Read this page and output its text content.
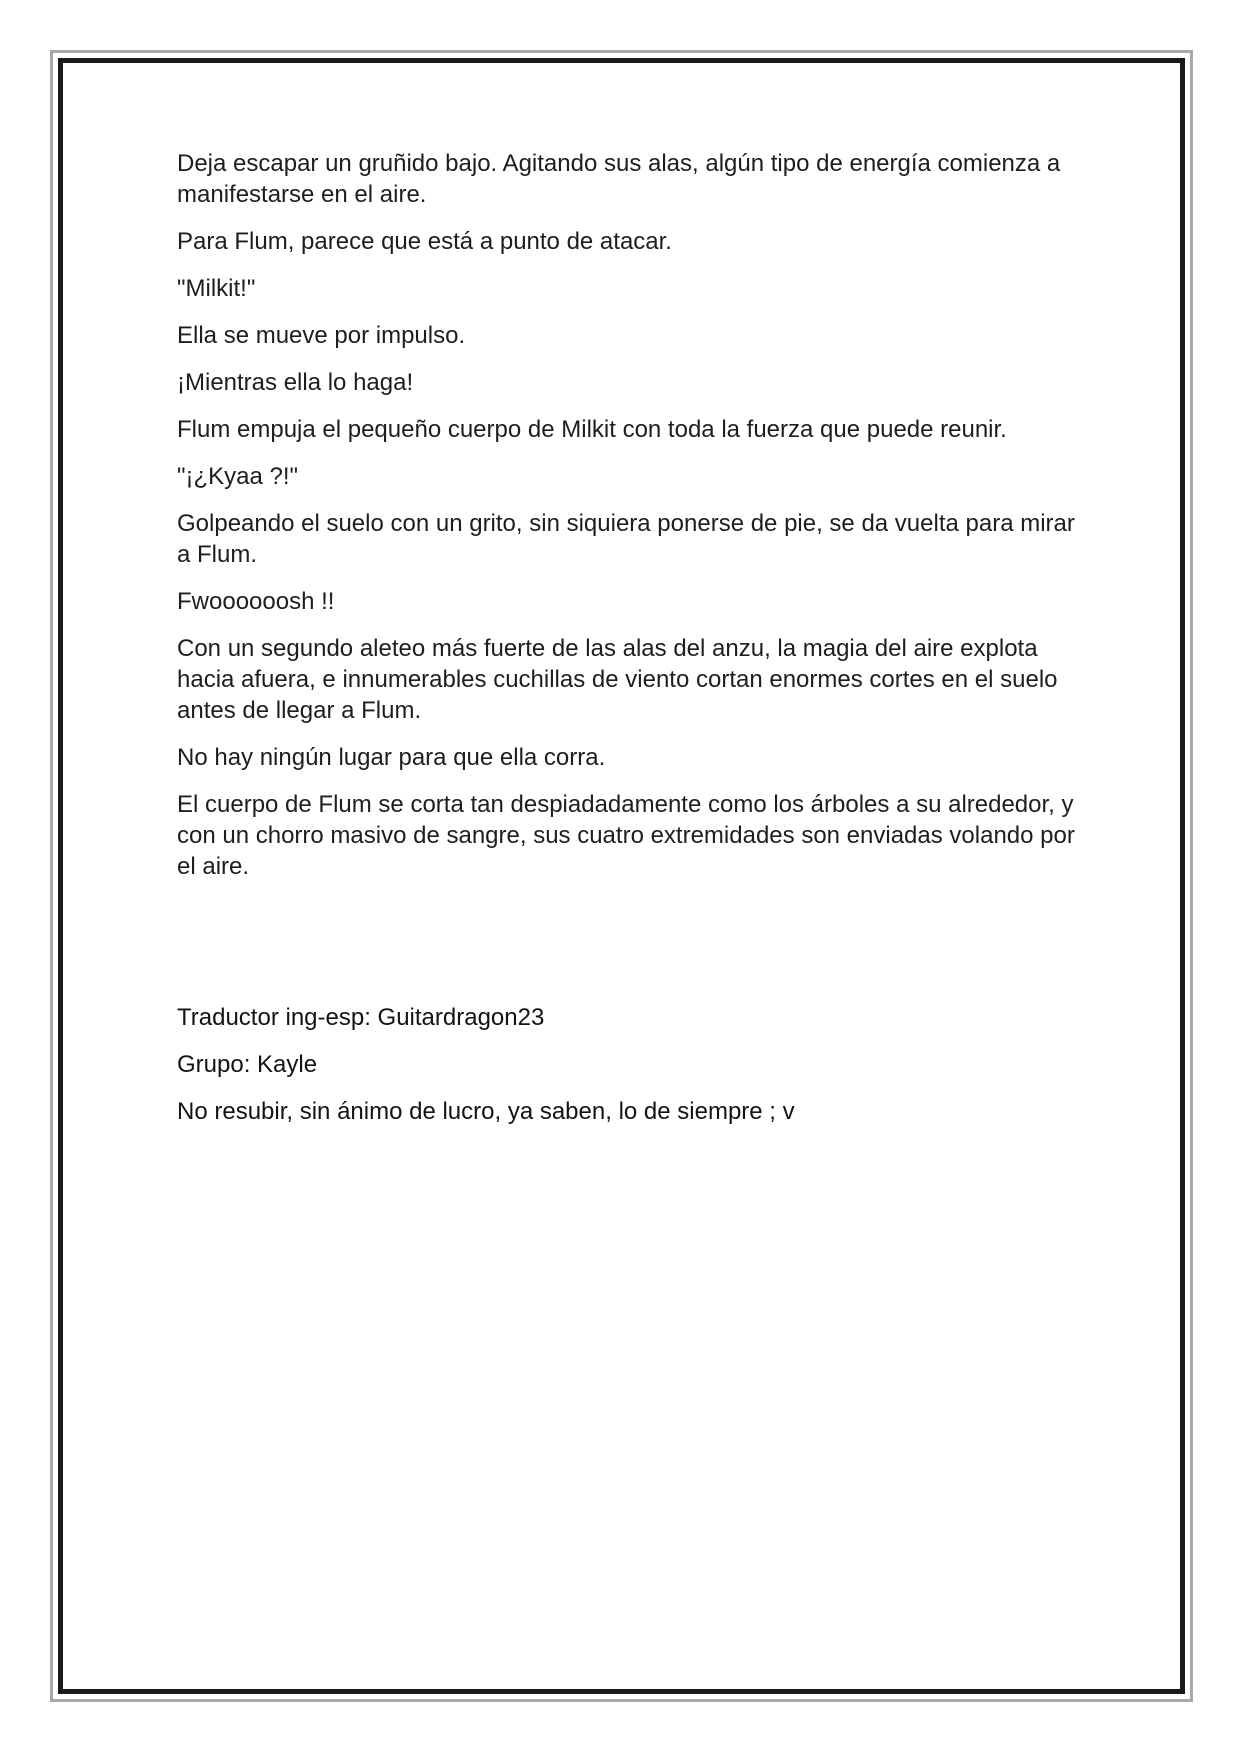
Deja escapar un gruñido bajo. Agitando sus alas, algún tipo de energía comienza a manifestarse en el aire.

Para Flum, parece que está a punto de atacar.

"Milkit!"

Ella se mueve por impulso.

¡Mientras ella lo haga!

Flum empuja el pequeño cuerpo de Milkit con toda la fuerza que puede reunir.

"¡¿Kyaa ?!"

Golpeando el suelo con un grito, sin siquiera ponerse de pie, se da vuelta para mirar a Flum.

Fwoooooosh !!

Con un segundo aleteo más fuerte de las alas del anzu, la magia del aire explota hacia afuera, e innumerables cuchillas de viento cortan enormes cortes en el suelo antes de llegar a Flum.

No hay ningún lugar para que ella corra.

El cuerpo de Flum se corta tan despiadadamente como los árboles a su alrededor, y con un chorro masivo de sangre, sus cuatro extremidades son enviadas volando por el aire.

Traductor ing-esp: Guitardragon23

Grupo: Kayle

No resubir, sin ánimo de lucro, ya saben, lo de siempre ; v
